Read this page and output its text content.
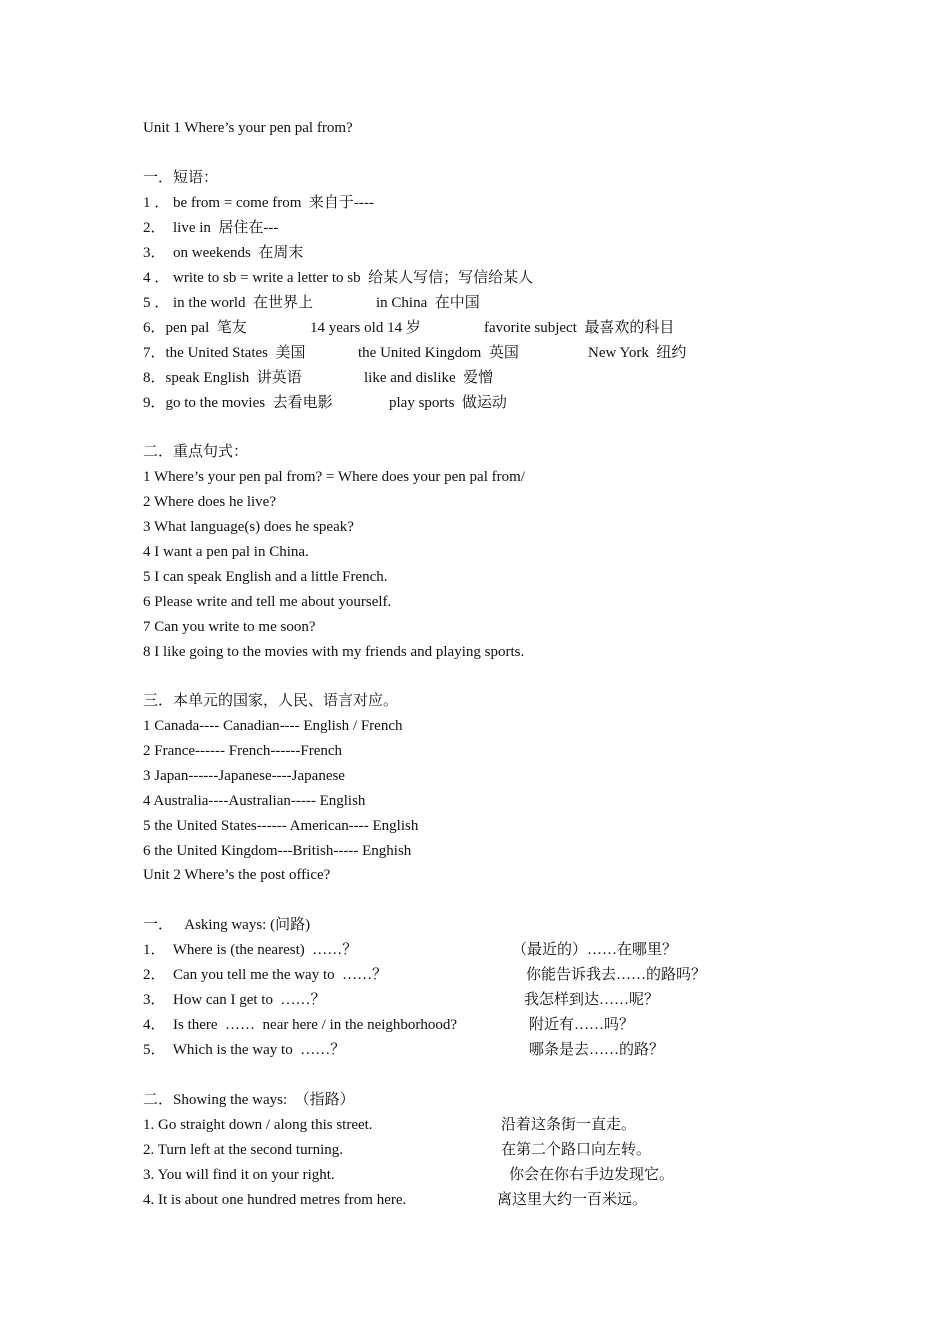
Unit 1 Where’s your pen pal from?
一．短语：
1 ． be from = come from  来自于----
2．  live in  居住在---
3．  on weekends  在周末
4 ． write to sb = write a letter to sb  给某人写信；写信给某人
5 ． in the world  在世界上	in China  在中国
6．pen pal  笔友	14 years old 14 岁	favorite subject  最喜欢的科目
7．the United States  美国	the United Kingdom  英国	New York  纽约
8．speak English  讲英语	like and dislike  爱憎
9．go to the movies  去看电影	play sports  做运动
二．重点句式：
1 Where’s your pen pal from? = Where does your pen pal from/
2 Where does he live?
3 What language(s) does he speak?
4 I want a pen pal in China.
5 I can speak English and a little French.
6 Please write and tell me about yourself.
7 Can you write to me soon?
8 I like going to the movies with my friends and playing sports.
三．本单元的国家，人民、语言对应。
1 Canada---- Canadian---- English / French
2 France------ French------French
3 Japan------Japanese----Japanese
4 Australia----Australian----- English
5 the United States------ American---- English
6 the United Kingdom---British----- Enghish
Unit 2 Where’s the post office?
一．   Asking ways: (问路)
1．  Where is (the nearest)  ……？	（最近的）……在哪里？
2．  Can you tell me the way to  ……？	你能告诉我去……的路吗？
3．  How can I get to  ……？	我怎样到达……呢？
4．  Is there  ……  near here / in the neighborhood?	附近有……吗？
5．  Which is the way to  ……？	哪条是去……的路？
二．Showing the ways:  （指路）
1. Go straight down / along this street.	沿着这条街一直走。
2. Turn left at the second turning.	在第二个路口向左转。
3. You will find it on your right.	你会在你右手边发现它。
4. It is about one hundred metres from here.	离这里大约一百米远。
